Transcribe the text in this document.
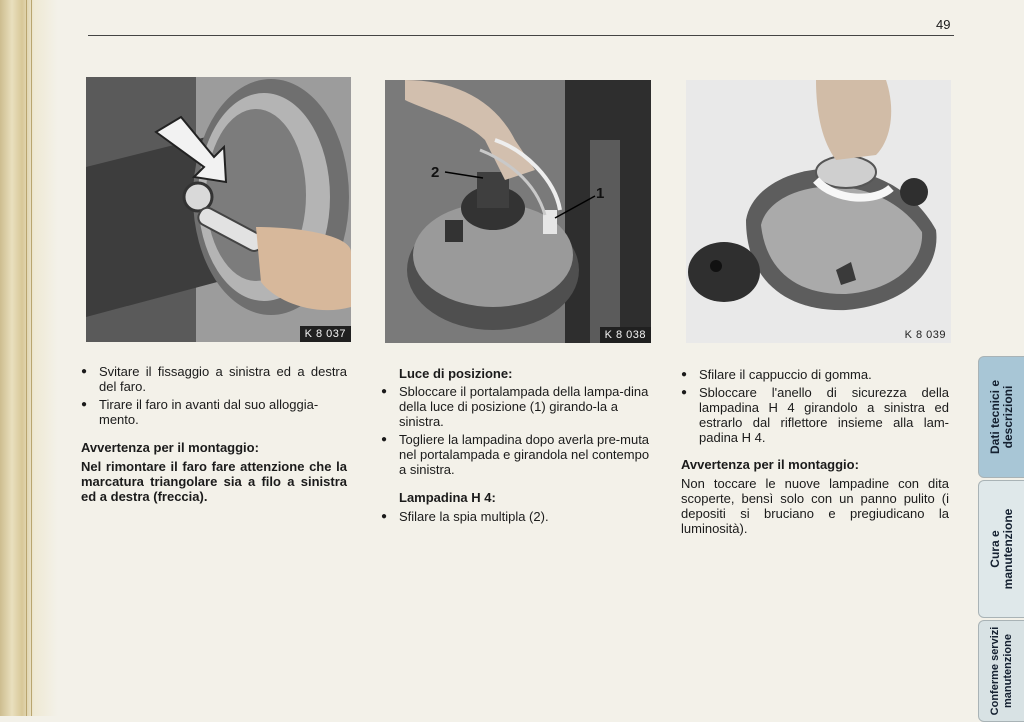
49
K 8 037
2
1
K 8 038	K 8 039

● Svitare il fissaggio a sinistra ed a destra del faro.

● Tirare il faro in avanti dal suo alloggia-mento.

Avvertenza per il montaggio:

Nel rimontare il faro fare attenzione che la marcatura triangolare sia a filo a sinistra ed a destra (freccia).

Luce di posizione:

● Sbloccare il portalampada della lampa-dina della luce di posizione (1) girando-la a sinistra.

● Togliere la lampadina dopo averla pre-muta nel portalampada e girandola nel contempo a sinistra.

Lampadina H 4:

● Sfilare la spia multipla (2).

● Sfilare il cappuccio di gomma.

● Sbloccare l'anello di sicurezza della lampadina H 4 girandolo a sinistra ed estrarlo dal riflettore insieme alla lam-padina H 4.

Avvertenza per il montaggio:

Non toccare le nuove lampadine con dita scoperte, bensì solo con un panno pulito (i depositi si bruciano e pregiudicano la luminosità).

Dati tecnici e descrizioni
Cura e manutenzione
Conferme servizi manutenzione
